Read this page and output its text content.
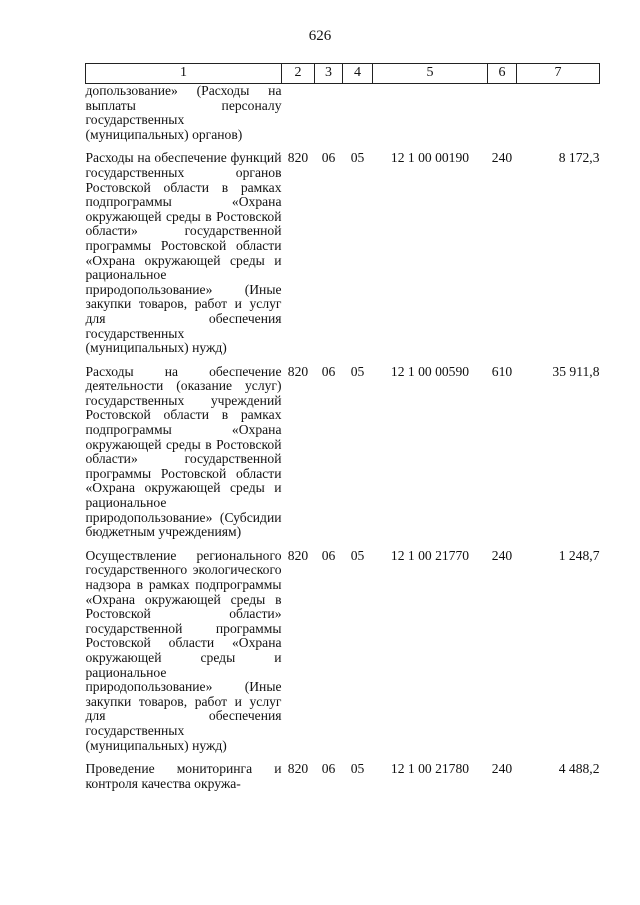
626
1	2	3	4	5	6	7
допользование» (Расходы на выплаты персоналу государственных (муниципальных) органов)						
Расходы на обеспечение функций государственных органов Ростовской области в рамках подпрограммы «Охрана окружающей среды в Ростовской области» государственной программы Ростовской области «Охрана окружающей среды и рациональное природопользование» (Иные закупки товаров, работ и услуг для обеспечения государственных (муниципальных) нужд)	820	06	05	12 1 00 00190	240	8 172,3
Расходы на обеспечение деятельности (оказание услуг) государственных учреждений Ростовской области в рамках подпрограммы «Охрана окружающей среды в Ростовской области» государственной программы Ростовской области «Охрана окружающей среды и рациональное природопользование» (Субсидии бюджетным учреждениям)	820	06	05	12 1 00 00590	610	35 911,8
Осуществление регионального государственного экологического надзора в рамках подпрограммы «Охрана окружающей среды в Ростовской области» государственной программы Ростовской области «Охрана окружающей среды и рациональное природопользование» (Иные закупки товаров, работ и услуг для обеспечения государственных (муниципальных) нужд)	820	06	05	12 1 00 21770	240	1 248,7
Проведение мониторинга и контроля качества окружа-	820	06	05	12 1 00 21780	240	4 488,2
